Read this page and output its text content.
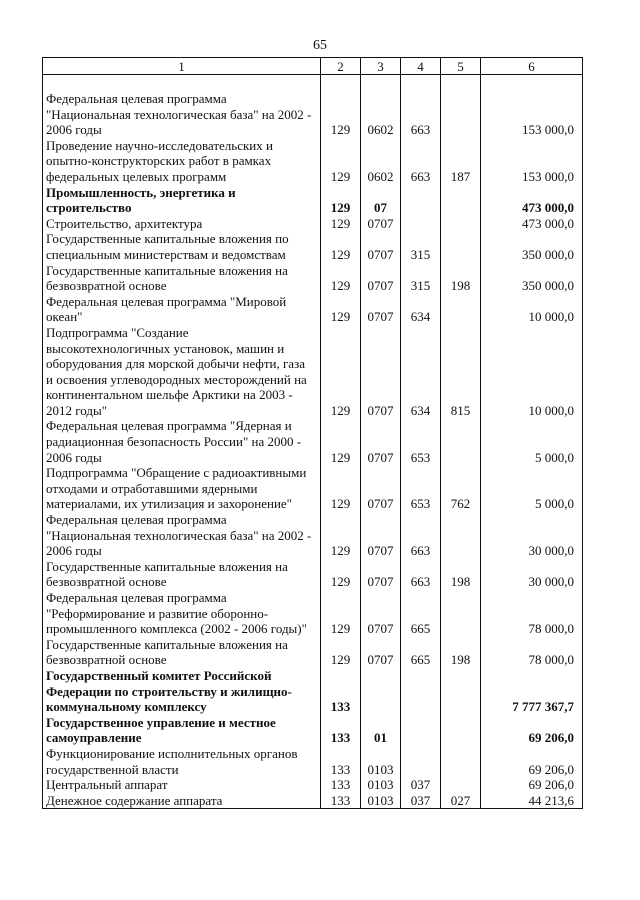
65
1	2	3	4	5	6

Федеральная целевая программа "Национальная технологическая база" на 2002 - 2006 годы	129	0602	663		153 000,0
Проведение научно-исследовательских и опытно-конструкторских работ в рамках федеральных целевых программ	129	0602	663	187	153 000,0
Промышленность, энергетика и строительство	129	07			473 000,0
Строительство, архитектура	129	0707			473 000,0
Государственные капитальные вложения по специальным министерствам и ведомствам	129	0707	315		350 000,0
Государственные капитальные вложения на безвозвратной основе	129	0707	315	198	350 000,0
Федеральная целевая программа "Мировой океан"	129	0707	634		10 000,0
Подпрограмма "Создание высокотехнологичных установок, машин и оборудования для морской добычи нефти, газа и освоения углеводородных месторождений на континентальном шельфе Арктики на 2003 - 2012 годы"	129	0707	634	815	10 000,0
Федеральная целевая программа "Ядерная и радиационная безопасность России" на 2000 - 2006 годы	129	0707	653		5 000,0
Подпрограмма "Обращение с радиоактивными отходами и отработавшими ядерными материалами, их утилизация и захоронение"	129	0707	653	762	5 000,0
Федеральная целевая программа "Национальная технологическая база" на 2002 - 2006 годы	129	0707	663		30 000,0
Государственные капитальные вложения на безвозвратной основе	129	0707	663	198	30 000,0
Федеральная целевая программа "Реформирование и развитие оборонно-промышленного комплекса (2002 - 2006 годы)"	129	0707	665		78 000,0
Государственные капитальные вложения на безвозвратной основе	129	0707	665	198	78 000,0
Государственный комитет Российской Федерации по строительству и жилищно-коммунальному комплексу	133				7 777 367,7
Государственное управление и местное самоуправление	133	01			69 206,0
Функционирование исполнительных органов государственной власти	133	0103			69 206,0
Центральный аппарат	133	0103	037		69 206,0
Денежное содержание аппарата	133	0103	037	027	44 213,6
